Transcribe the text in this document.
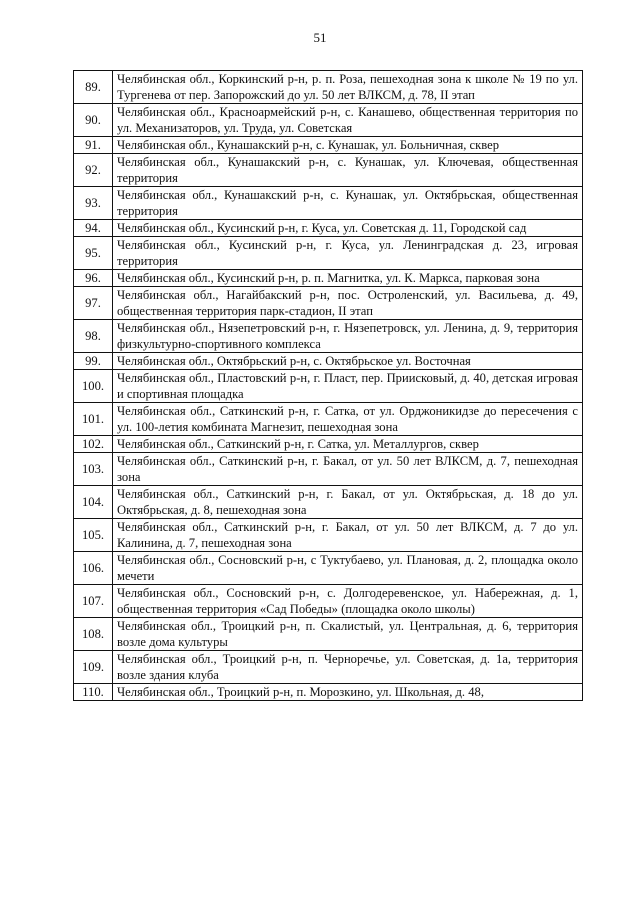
51
89.	Челябинская обл., Коркинский р-н, р. п. Роза, пешеходная зона к школе № 19 по ул. Тургенева от пер. Запорожский до ул. 50 лет ВЛКСМ, д. 78, II этап
90.	Челябинская обл., Красноармейский р-н, с. Канашево, общественная территория по ул. Механизаторов, ул. Труда, ул. Советская
91.	Челябинская обл., Кунашакский р-н, с. Кунашак, ул. Больничная, сквер
92.	Челябинская обл., Кунашакский р-н, с. Кунашак, ул. Ключевая, общественная территория
93.	Челябинская обл., Кунашакский р-н, с. Кунашак, ул. Октябрьская, общественная территория
94.	Челябинская обл., Кусинский р-н, г. Куса, ул. Советская д. 11, Городской сад
95.	Челябинская обл., Кусинский р-н, г. Куса, ул. Ленинградская д. 23, игровая территория
96.	Челябинская обл., Кусинский р-н, р. п. Магнитка, ул. К. Маркса, парковая зона
97.	Челябинская обл., Нагайбакский р-н, пос. Остроленский, ул. Васильева, д. 49, общественная территория парк-стадион, II этап
98.	Челябинская обл., Нязепетровский р-н, г. Нязепетровск, ул. Ленина, д. 9, территория физкультурно-спортивного комплекса
99.	Челябинская обл., Октябрьский р-н, с. Октябрьское ул. Восточная
100.	Челябинская обл., Пластовский р-н, г. Пласт, пер. Приисковый, д. 40, детская игровая и спортивная площадка
101.	Челябинская обл., Саткинский р-н, г. Сатка, от ул. Орджоникидзе до пересечения с ул. 100-летия комбината Магнезит, пешеходная зона
102.	Челябинская обл., Саткинский р-н, г. Сатка, ул. Металлургов, сквер
103.	Челябинская обл., Саткинский р-н, г. Бакал, от ул. 50 лет ВЛКСМ, д. 7, пешеходная зона
104.	Челябинская обл., Саткинский р-н, г. Бакал, от ул. Октябрьская, д. 18 до ул. Октябрьская, д. 8, пешеходная зона
105.	Челябинская обл., Саткинский р-н, г. Бакал, от ул. 50 лет ВЛКСМ, д. 7 до ул. Калинина, д. 7, пешеходная зона
106.	Челябинская обл., Сосновский р-н, с Туктубаево, ул. Плановая, д. 2, площадка около мечети
107.	Челябинская обл., Сосновский р-н, с. Долгодеревенское, ул. Набережная, д. 1, общественная территория «Сад Победы» (площадка около школы)
108.	Челябинская обл., Троицкий р-н, п. Скалистый, ул. Центральная, д. 6, территория возле дома культуры
109.	Челябинская обл., Троицкий р-н, п. Черноречье, ул. Советская, д. 1а, территория возле здания клуба
110.	Челябинская обл., Троицкий р-н, п. Морозкино, ул. Школьная, д. 48,
